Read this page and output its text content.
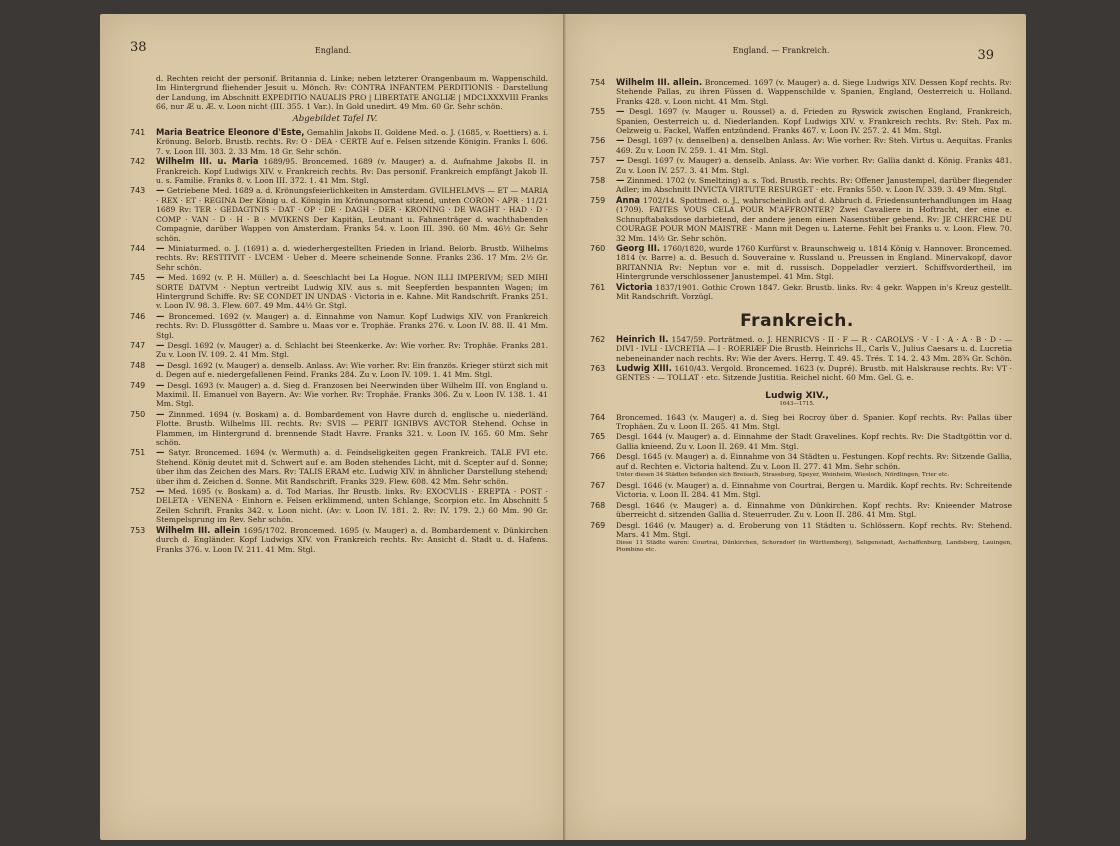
38	England.
d. Rechten reicht der personif. Britannia d. Linke; neben letzterer Orangenbaum m. Wappenschild. Im Hintergrund fliehender Jesuit u. Mönch. Rv: CONTRA INFANTEM PERDITIONIS · Darstellung der Landung, im Abschnitt EXPEDITIO NAUALIS PRO | LIBERTATE ANGLIÆ | MDCLXXXVIII Franks 66, nur Æ u. Æ. v. Loon nicht (III. 355. 1 Var.). In Gold unedirt. 49 Mm. 60 Gr. Sehr schön.
Abgebildet Tafel IV.
741 Maria Beatrice Eleonore d'Este, Gemahlin Jakobs II. Goldene Med. o. J. (1685, v. Roettiers) a. i. Krönung. Belorb. Brustb. rechts. Rv: O · DEA · CERTE Auf e. Felsen sitzende Königin. Franks I. 606. 7. v. Loon III. 303. 2. 33 Mm. 18 Gr. Sehr schön.
742 Wilhelm III. u. Maria 1689/95. Broncemed. 1689 (v. Mauger) a. d. Aufnahme Jakobs II. in Frankreich. Kopf Ludwigs XIV. v. Frankreich rechts. Rv: Das personif. Frankreich empfängt Jakob II. u. s. Familie. Franks 8. v. Loon III. 372. 1. 41 Mm. Stgl.
743 — Getriebene Med. 1689 a. d. Krönungsfeierlichkeiten in Amsterdam. GVILHELMVS — ET — MARIA · REX · ET · REGINA Der König u. d. Königin im Krönungsornat sitzend, unten CORON · APR · 11/21 1689 Rv: TER · GEDAGTNIS · DAT · OP · DE · DAGH · DER · KRONING · DE WAGHT · HAD · D · COMP · VAN · D · H · B · MVIKENS Der Kapitän, Leutnant u. Fahnenträger d. wachthabenden Compagnie, darüber Wappen von Amsterdam. Franks 54. v. Loon III. 390. 60 Mm. 46½ Gr. Sehr schön.
744 — Miniaturmed. o. J. (1691) a. d. wiederhergestellten Frieden in Irland. Belorb. Brustb. Wilhelms rechts. Rv: RESTITVIT · LVCEM · Ueber d. Meere scheinende Sonne. Franks 236. 17 Mm. 2½ Gr. Sehr schön.
745 — Med. 1692 (v. P. H. Müller) a. d. Seeschlacht bei La Hogue. NON ILLI IMPERIVM; SED MIHI SORTE DATVM · Neptun vertreibt Ludwig XIV. aus s. mit Seepferden bespannten Wagen; im Hintergrund Schiffe. Rv: SE CONDET IN UNDAS · Victoria in e. Kahne. Mit Randschrift. Franks 251. v. Loon IV. 98. 3. Flew. 607. 49 Mm. 44½ Gr. Stgl.
746 — Broncemed. 1692 (v. Mauger) a. d. Einnahme von Namur. Kopf Ludwigs XIV. von Frankreich rechts. Rv: D. Flussgötter d. Sambre u. Maas vor e. Trophäe. Franks 276. v. Loon IV. 88. II. 41 Mm. Stgl.
747 — Desgl. 1692 (v. Mauger) a. d. Schlacht bei Steenkerke. Av: Wie vorher. Rv: Trophäe. Franks 281. Zu v. Loon IV. 109. 2. 41 Mm. Stgl.
748 — Desgl. 1692 (v. Mauger) a. denselb. Anlass. Av: Wie vorher. Rv: Ein französ. Krieger stürzt sich mit d. Degen auf e. niedergefallenen Feind. Franks 284. Zu v. Loon IV. 109. 1. 41 Mm. Stgl.
749 — Desgl. 1693 (v. Mauger) a. d. Sieg d. Franzosen bei Neerwinden über Wilhelm III. von England u. Maximil. II. Emanuel von Bayern. Av: Wie vorher. Rv: Trophäe. Franks 306. Zu v. Loon IV. 138. 1. 41 Mm. Stgl.
750 — Zinnmed. 1694 (v. Boskam) a. d. Bombardement von Havre durch d. englische u. niederländ. Flotte. Brustb. Wilhelms III. rechts. Rv: SVIS — PERIT IGNIBVS AVCTOR Stehend. Ochse in Flammen, im Hintergrund d. brennende Stadt Havre. Franks 321. v. Loon IV. 165. 60 Mm. Sehr schön.
751 — Satyr. Broncemed. 1694 (v. Wermuth) a. d. Feindseligkeiten gegen Frankreich. TALE FVI etc. Stehend. König deutet mit d. Schwert auf e. am Boden stehendes Licht, mit d. Scepter auf d. Sonne; über ihm das Zeichen des Mars. Rv: TALIS ERAM etc. Ludwig XIV. in ähnlicher Darstellung stehend; über ihm d. Zeichen d. Sonne. Mit Randschrift. Franks 329. Flew. 608. 42 Mm. Sehr schön.
752 — Med. 1695 (v. Boskam) a. d. Tod Marias. Ihr Brustb. links. Rv: EXOCVLIS · EREPTA · POST · DELETA · VENENA · Einhorn e. Felsen erklimmend, unten Schlange, Scorpion etc. Im Abschnitt 5 Zeilen Schrift. Franks 342. v. Loon nicht. (Av: v. Loon IV. 181. 2. Rv: IV. 179. 2.) 60 Mm. 90 Gr. Stempelsprung im Rev. Sehr schön.
753 Wilhelm III. allein 1695/1702. Broncemed. 1695 (v. Mauger) a. d. Bombardement v. Dünkirchen durch d. Engländer. Kopf Ludwigs XIV. von Frankreich rechts. Rv: Ansicht d. Stadt u. d. Hafens. Franks 376. v. Loon IV. 211. 41 Mm. Stgl.
England. — Frankreich.	39
754 Wilhelm III. allein. Broncemed. 1697 (v. Mauger) a. d. Siege Ludwigs XIV. Dessen Kopf rechts. Rv: Stehende Pallas, zu ihren Füssen d. Wappenschilde v. Spanien, England, Oesterreich u. Holland. Franks 428. v. Loon nicht. 41 Mm. Stgl.
755 — Desgl. 1697 (v. Mauger u. Roussel) a. d. Frieden zu Ryswick zwischen England, Frankreich, Spanien, Oesterreich u. d. Niederlanden. Kopf Ludwigs XIV. v. Frankreich rechts. Rv: Steh. Pax m. Oelzweig u. Fackel, Waffen entzündend. Franks 467. v. Loon IV. 257. 2. 41 Mm. Stgl.
756 — Desgl. 1697 (v. denselben) a. denselben Anlass. Av: Wie vorher. Rv: Steh. Virtus u. Aequitas. Franks 469. Zu v. Loon IV. 259. 1. 41 Mm. Stgl.
757 — Desgl. 1697 (v. Mauger) a. denselb. Anlass. Av: Wie vorher. Rv: Gallia dankt d. König. Franks 481. Zu v. Loon IV. 257. 3. 41 Mm. Stgl.
758 — Zinnmed. 1702 (v. Smeltzing) a. s. Tod. Brustb. rechts. Rv: Offener Janustempel, darüber fliegender Adler; im Abschnitt INVICTA VIRTUTE RESURGET · etc. Franks 550. v. Loon IV. 339. 3. 49 Mm. Stgl.
759 Anna 1702/14. Spottmed. o. J., wahrscheinlich auf d. Abbruch d. Friedensunterhandlungen im Haag (1709). FAITES VOUS CELA POUR M'AFFRONTER? Zwei Cavaliere in Hoftracht, der eine e. Schnupftabaksdose darbietend, der andere jenem einen Nasenstüber gebend. Rv: JE CHERCHE DU COURAGE POUR MON MAISTRE · Mann mit Degen u. Laterne. Fehlt bei Franks u. v. Loon. Flew. 70. 32 Mm. 14½ Gr. Sehr schön.
760 Georg III. 1760/1820, wurde 1760 Kurfürst v. Braunschweig u. 1814 König v. Hannover. Broncemed. 1814 (v. Barre) a. d. Besuch d. Souveraine v. Russland u. Preussen in England. Minervakopf, davor BRITANNIA Rv: Neptun vor e. mit d. russisch. Doppeladler verziert. Schiffsvordertheil, im Hintergrunde verschlossener Janustempel. 41 Mm. Stgl.
761 Victoria 1837/1901. Gothic Crown 1847. Gekr. Brustb. links. Rv: 4 gekr. Wappen in's Kreuz gestellt. Mit Randschrift. Vorzügl.
Frankreich.
762 Heinrich II. 1547/59. Porträtmed. o. J. HENRICVS · II · F — R · CAROLVS · V · I · A · A · B · D · — DIVI · IVLI · LVCRETIA — I · ROERIÆF Die Brustb. Heinrichs II., Carls V., Julius Caesars u. d. Lucretia nebeneinander nach rechts. Rv: Wie der Avers. Herrg. T. 49. 45. Trés. T. 14. 2. 43 Mm. 28¾ Gr. Schön.
763 Ludwig XIII. 1610/43. Vergold. Broncemed. 1623 (v. Dupré). Brustb. mit Halskrause rechts. Rv: VT · GENTES · — TOLLAT · etc. Sitzende Justitia. Reichel nicht. 60 Mm. Gel. G. e.
Ludwig XIV.,
1643—1715.
764 Broncemed. 1643 (v. Mauger) a. d. Sieg bei Rocroy über d. Spanier. Kopf rechts. Rv: Pallas über Trophäen. Zu v. Loon II. 265. 41 Mm. Stgl.
765 Desgl. 1644 (v. Mauger) a. d. Einnahme der Stadt Gravelines. Kopf rechts. Rv: Die Stadtgöttin vor d. Gallia knieend. Zu v. Loon II. 269. 41 Mm. Stgl.
766 Desgl. 1645 (v. Mauger) a. d. Einnahme von 34 Städten u. Festungen. Kopf rechts. Rv: Sitzende Gallia, auf d. Rechten e. Victoria haltend. Zu v. Loon II. 277. 41 Mm. Sehr schön.
Unter diesen 34 Städten befanden sich Breisach, Strassburg, Speyer, Weinheim, Wiesloch, Nördlingen, Trier etc.
767 Desgl. 1646 (v. Mauger) a. d. Einnahme von Courtrai, Bergen u. Mardik. Kopf rechts. Rv: Schreitende Victoria. v. Loon II. 284. 41 Mm. Stgl.
768 Desgl. 1646 (v. Mauger) a. d. Einnahme von Dünkirchen. Kopf rechts. Rv: Knieender Matrose überreicht d. sitzenden Gallia d. Steuerruder. Zu v. Loon II. 286. 41 Mm. Stgl.
769 Desgl. 1646 (v. Mauger) a. d. Eroberung von 11 Städten u. Schlössern. Kopf rechts. Rv: Stehend. Mars. 41 Mm. Stgl.
Diese 11 Städte waren: Courtrai, Dünkirchen, Schorndorf (in Württemberg), Seligenstadt, Aschaffenburg, Landsberg, Lauingen, Piombino etc.
